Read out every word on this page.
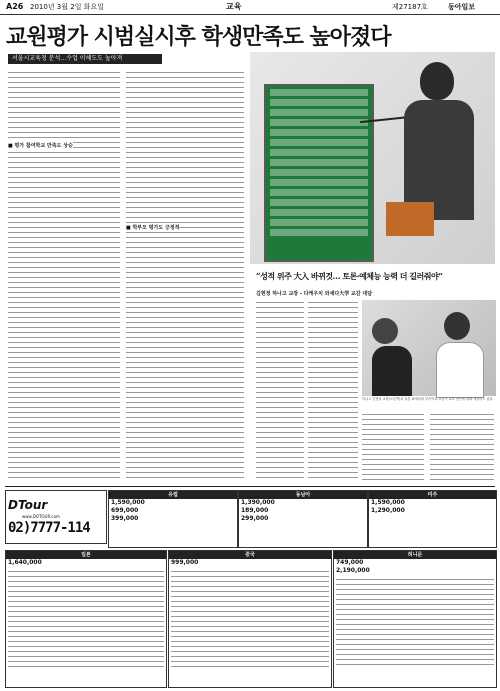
A26 2010년 3월 2일 화요일	교육	제27187호	동아일보
교원평가 시범실시후 학생만족도 높아졌다
서울시교육청 분석…수업 이해도도 높아져
■ 평가 참여학교 만족도 상승
■ 학부모 평가도 긍정적
“성적 위주 大入 바뀌것… 토론·예체능 능력 더 길러줘야”
김현정 하나고 교장 - 다케우치 와세다大学 교감 대담
하나고 김현정 교장(오른쪽)과 일본 와세다대 부속학교 교감이 교육 현안에 대해 대담하고 있다.
DTour
www.DOTOUR.com
02)7777-114
유럽
1,590,000
699,000
399,000
동남아
1,390,000
189,000
299,000
미주
1,590,000
1,290,000
일본
1,640,000
중국
999,000
허니문
749,000
2,190,000
